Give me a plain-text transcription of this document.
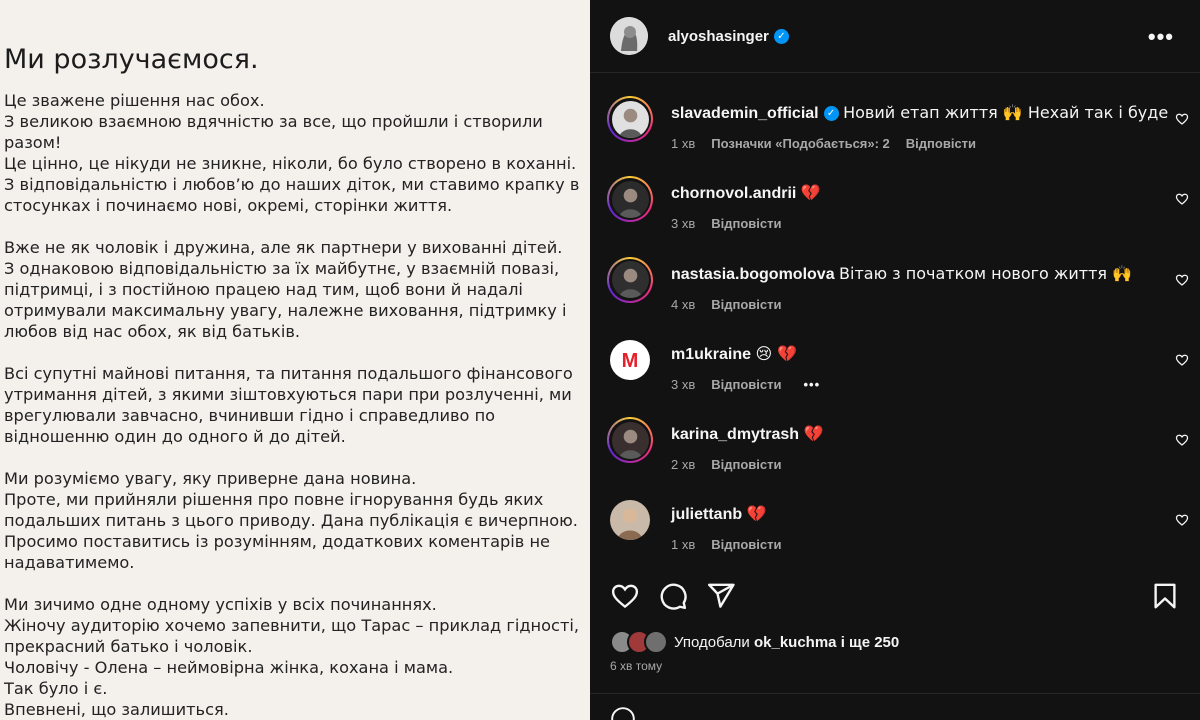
Ми розлучаємося.
Це зважене рішення нас обох.
З великою взаємною вдячністю за все, що пройшли і створили
разом!
Це цінно, це нікуди не зникне, ніколи, бо було створено в коханні.
З відповідальністю і любов’ю до наших діток, ми ставимо крапку в
стосунках і починаємо нові, окремі, сторінки життя.
Вже не як чоловік і дружина, але як партнери у вихованні дітей.
З однаковою відповідальністю за їх майбутнє, у взаємній повазі,
підтримці, і з постійною працею над тим, щоб вони й надалі
отримували максимальну увагу, належне виховання, підтримку і
любов від нас обох, як від батьків.
Всі супутні майнові питання, та питання подальшого фінансового
утримання дітей, з якими зіштовхуються пари при розлученні, ми
врегулювали завчасно, вчинивши гідно і справедливо по
відношенню один до одного й до дітей.
Ми розуміємо увагу, яку приверне дана новина.
Проте, ми прийняли рішення про повне ігнорування будь яких
подальших питань з цього приводу. Дана публікація є вичерпною.
Просимо поставитись із розумінням, додаткових коментарів не
надаватимемо.
Ми зичимо одне одному успіхів у всіх починаннях.
Жіночу аудиторію хочемо запевнити, що Тарас – приклад гідності,
прекрасний батько і чоловік.
Чоловічу - Олена – неймовірна жінка, кохана і мама.
Так було і є.
Впевнені, що залишиться.
alyoshasinger ✓	•••
slavademin_official ✓ Новий етап життя 🙌 Нехай так і буде
1 хв Позначки «Подобається»: 2 Відповісти
chornovol.andrii 💔
3 хв Відповісти
nastasia.bogomolova Вітаю з початком нового життя 🙌
4 хв Відповісти
M m1ukraine 😢 💔
3 хв Відповісти •••
karina_dmytrash 💔
2 хв Відповісти
juliettanb 💔
1 хв Відповісти
Уподобали ok_kuchma і ще 250
6 хв тому
